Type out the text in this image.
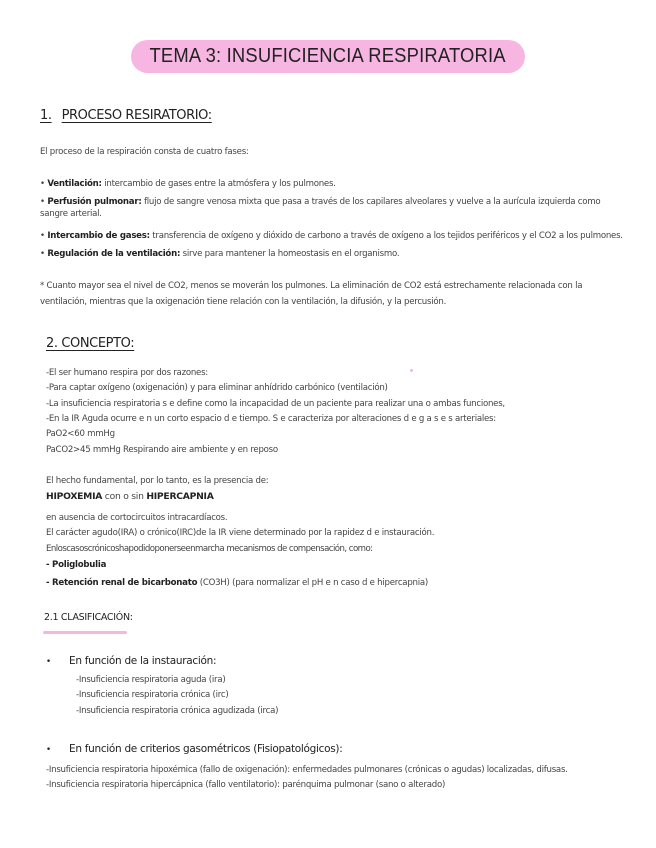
TEMA 3: INSUFICIENCIA RESPIRATORIA
1. PROCESO RESIRATORIO:
El proceso de la respiración consta de cuatro fases:
• Ventilación: intercambio de gases entre la atmósfera y los pulmones.
• Perfusión pulmonar: flujo de sangre venosa mixta que pasa a través de los capilares alveolares y vuelve a la aurícula izquierda como sangre arterial.
• Intercambio de gases: transferencia de oxígeno y dióxido de carbono a través de oxígeno a los tejidos periféricos y el CO2 a los pulmones.
• Regulación de la ventilación: sirve para mantener la homeostasis en el organismo.
* Cuanto mayor sea el nivel de CO2, menos se moverán los pulmones. La eliminación de CO2 está estrechamente relacionada con la
ventilación, mientras que la oxigenación tiene relación con la ventilación, la difusión, y la percusión.
2. CONCEPTO:
-El ser humano respira por dos razones:
-Para captar oxígeno (oxigenación) y para eliminar anhídrido carbónico (ventilación)
-La insuficiencia respiratoria s e define como la incapacidad de un paciente para realizar una o ambas funciones,
-En la IR Aguda ocurre e n un corto espacio d e tiempo. S e caracteriza por alteraciones d e g a s e s arteriales:
PaO2<60 mmHg
PaCO2>45 mmHg Respirando aire ambiente y en reposo
El hecho fundamental, por lo tanto, es la presencia de:
HIPOXEMIA con o sin HIPERCAPNIA
en ausencia de cortocircuitos intracardíacos.
El carácter agudo(IRA) o crónico(IRC)de la IR viene determinado por la rapidez d e instauración.
Enloscasoscrónicoshapodidoponerseenmarcha mecanismos de compensación, como:
- Poliglobulia
- Retención renal de bicarbonato (CO3H) (para normalizar el pH e n caso d e hipercapnia)
2.1 CLASIFICACIÓN:
• En función de la instauración:
-Insuficiencia respiratoria aguda (ira)
-Insuficiencia respiratoria crónica (irc)
-Insuficiencia respiratoria crónica agudizada (irca)
• En función de criterios gasométricos (Fisiopatológicos):
-Insuficiencia respiratoria hipoxémica (fallo de oxigenación): enfermedades pulmonares (crónicas o agudas) localizadas, difusas.
-Insuficiencia respiratoria hipercápnica (fallo ventilatorio): parénquima pulmonar (sano o alterado)
